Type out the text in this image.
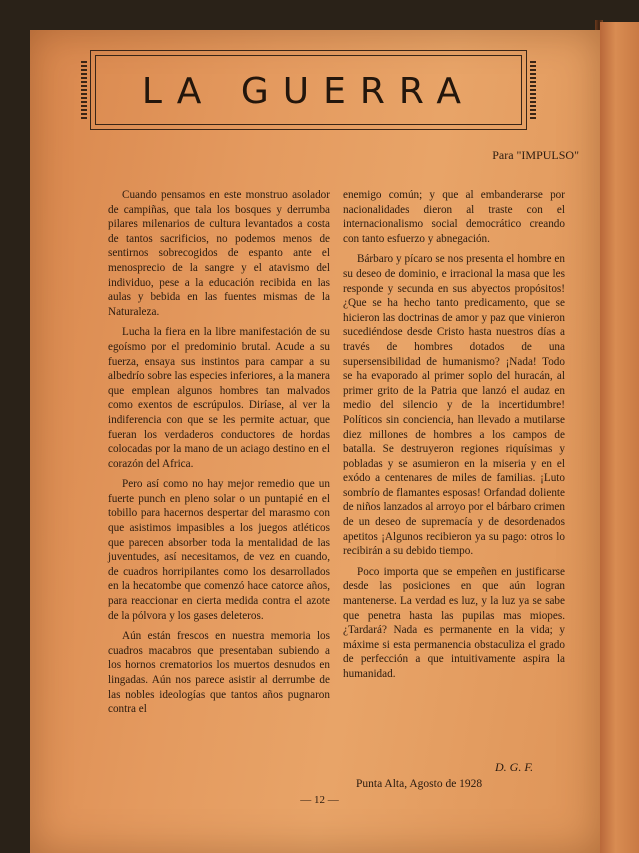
LA GUERRA
Para "IMPULSO"

Cuando pensamos en este monstruo asolador de campiñas, que tala los bosques y derrumba pilares milenarios de cultura levantados a costa de tantos sacrificios, no podemos menos de sentirnos sobrecogidos de espanto ante el menosprecio de la sangre y el atavismo del individuo, pese a la educación recibida en las aulas y bebida en las fuentes mismas de la Naturaleza.

Lucha la fiera en la libre manifestación de su egoísmo por el predominio brutal. Acude a su fuerza, ensaya sus instintos para campar a su albedrío sobre las especies inferiores, a la manera que emplean algunos hombres tan malvados como exentos de escrúpulos. Diríase, al ver la indiferencia con que se les permite actuar, que fueran los verdaderos conductores de hordas colocadas por la mano de un aciago destino en el corazón del Africa.

Pero así como no hay mejor remedio que un fuerte punch en pleno solar o un puntapié en el tobillo para hacernos despertar del marasmo con que asistimos impasibles a los juegos atléticos que parecen absorber toda la mentalidad de las juventudes, así necesitamos, de vez en cuando, de cuadros horripilantes como los desarrollados en la hecatombe que comenzó hace catorce años, para reaccionar en cierta medida contra el azote de la pólvora y los gases deleteros.

Aún están frescos en nuestra memoria los cuadros macabros que presentaban subiendo a los hornos crematorios los muertos desnudos en lingadas. Aún nos parece asistir al derrumbe de las nobles ideologías que tantos años pugnaron contra el

enemigo común; y que al embanderarse por nacionalidades dieron al traste con el internacionalismo social democrático creando con tanto esfuerzo y abnegación.

Bárbaro y pícaro se nos presenta el hombre en su deseo de dominio, e irracional la masa que les responde y secunda en sus abyectos propósitos! ¿Que se ha hecho tanto predicamento, que se hicieron las doctrinas de amor y paz que vinieron sucediéndose desde Cristo hasta nuestros días a través de hombres dotados de una supersensibilidad de humanismo? ¡Nada! Todo se ha evaporado al primer soplo del huracán, al primer grito de la Patria que lanzó el audaz en medio del silencio y de la incertidumbre! Políticos sin conciencia, han llevado a mutilarse diez millones de hombres a los campos de batalla. Se destruyeron regiones riquísimas y pobladas y se asumieron en la miseria y en el exódo a centenares de miles de familias. ¡Luto sombrío de flamantes esposas! Orfandad doliente de niños lanzados al arroyo por el bárbaro crimen de un deseo de supremacía y de desordenados apetitos ¡Algunos recibieron ya su pago: otros lo recibirán a su debido tiempo.

Poco importa que se empeñen en justificarse desde las posiciones en que aún logran mantenerse. La verdad es luz, y la luz ya se sabe que penetra hasta las pupilas mas miopes. ¿Tardará? Nada es permanente en la vida; y máxime si esta permanencia obstaculiza el grado de perfección a que intuitivamente aspira la humanidad.

D. G. F.
Punta Alta, Agosto de 1928
— 12 —
